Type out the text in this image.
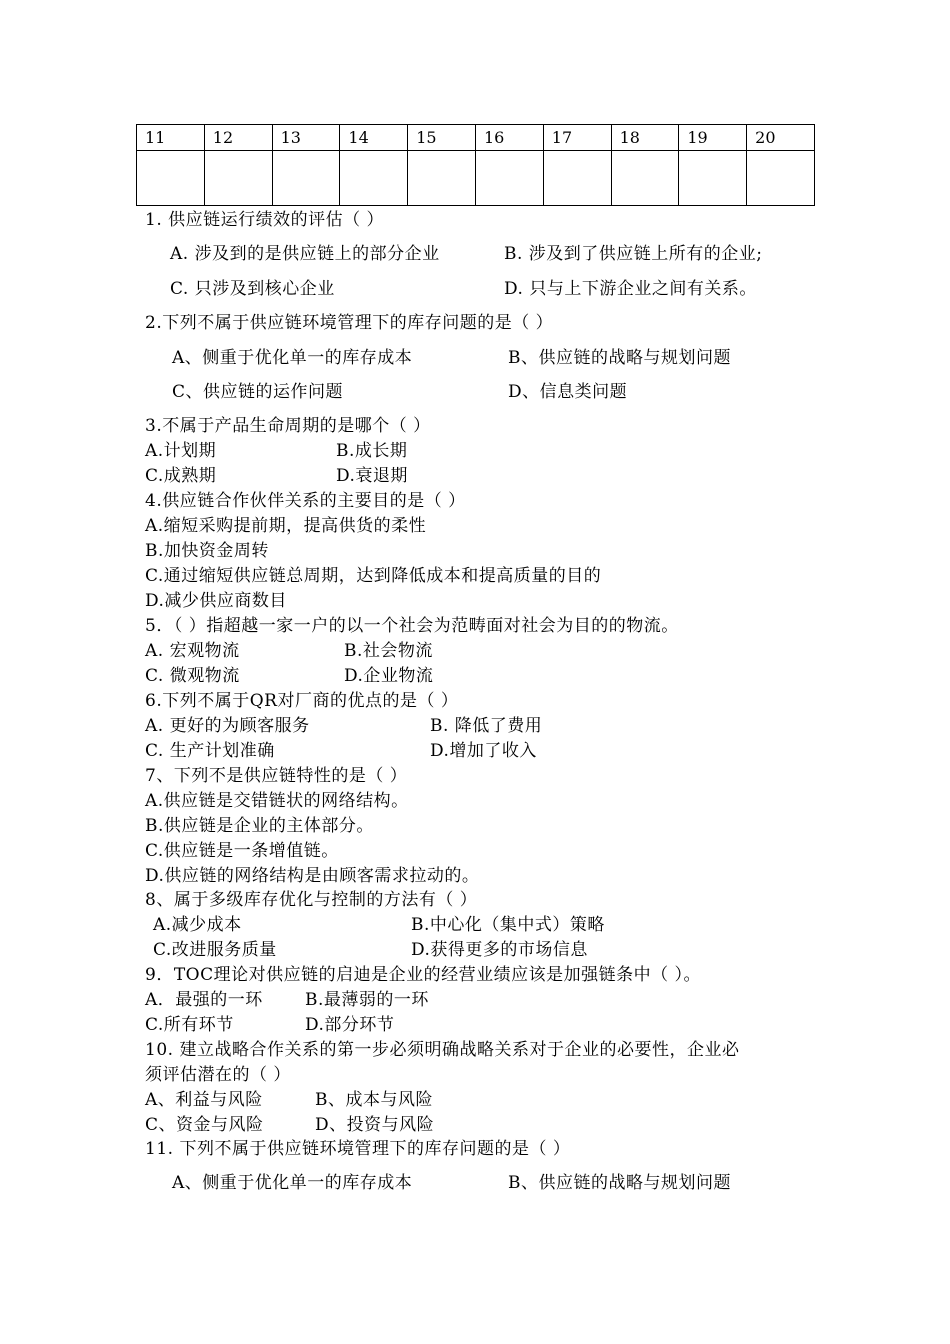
11	12	13	14	15	16	17	18	19	20

1. 供应链运行绩效的评估（ ）
A. 涉及到的是供应链上的部分企业	B. 涉及到了供应链上所有的企业;
C. 只涉及到核心企业	D. 只与上下游企业之间有关系。
2.下列不属于供应链环境管理下的库存问题的是（ ）
A、侧重于优化单一的库存成本	B、供应链的战略与规划问题
C、供应链的运作问题	D、信息类问题
3.不属于产品生命周期的是哪个（ ）
A.计划期	B.成长期
C.成熟期	D.衰退期
4.供应链合作伙伴关系的主要目的是（ ）
A.缩短采购提前期，提高供货的柔性
B.加快资金周转
C.通过缩短供应链总周期，达到降低成本和提高质量的目的
D.减少供应商数目
5．（ ）指超越一家一户的以一个社会为范畴面对社会为目的的物流。
A. 宏观物流	B.社会物流
C. 微观物流	D.企业物流
6.下列不属于QR对厂商的优点的是（ ）
A. 更好的为顾客服务	B. 降低了费用
C. 生产计划准确	D.增加了收入
7、下列不是供应链特性的是（ ）
A.供应链是交错链状的网络结构。
B.供应链是企业的主体部分。
C.供应链是一条增值链。
D.供应链的网络结构是由顾客需求拉动的。
8、属于多级库存优化与控制的方法有（ ）
A.减少成本	B.中心化（集中式）策略
C.改进服务质量	D.获得更多的市场信息
9．TOC理论对供应链的启迪是企业的经营业绩应该是加强链条中（ ）。
A．最强的一环 B.最薄弱的一环
C.所有环节	D.部分环节
10. 建立战略合作关系的第一步必须明确战略关系对于企业的必要性，企业必
须评估潜在的（ ）
A、利益与风险	B、成本与风险
C、资金与风险	D、投资与风险
11. 下列不属于供应链环境管理下的库存问题的是（ ）
A、侧重于优化单一的库存成本	B、供应链的战略与规划问题
